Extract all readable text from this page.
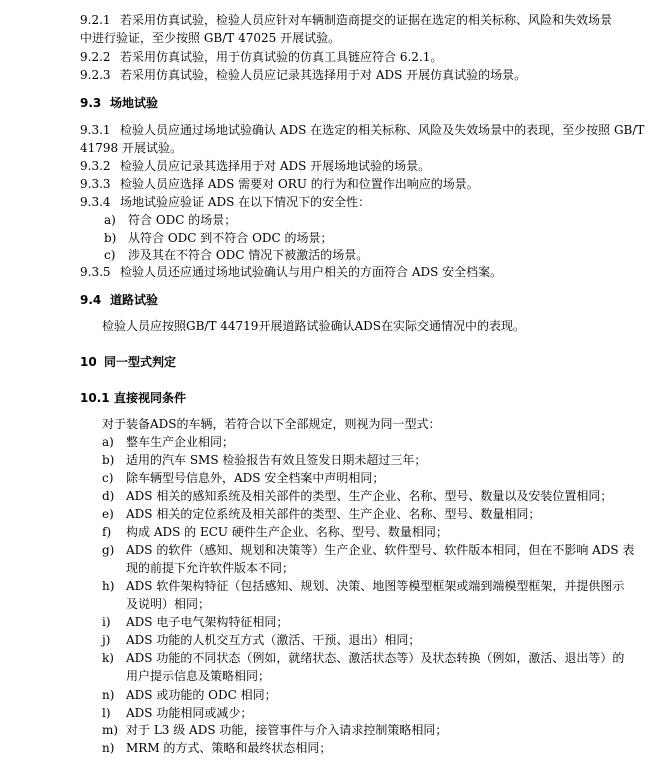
9.2.1 若采用仿真试验，检验人员应针对车辆制造商提交的证据在选定的相关标称、风险和失效场景
中进行验证，至少按照 GB/T 47025 开展试验。
9.2.2 若采用仿真试验，用于仿真试验的仿真工具链应符合 6.2.1。
9.2.3 若采用仿真试验，检验人员应记录其选择用于对 ADS 开展仿真试验的场景。
9.3 场地试验
9.3.1 检验人员应通过场地试验确认 ADS 在选定的相关标称、风险及失效场景中的表现，至少按照 GB/T
41798 开展试验。
9.3.2 检验人员应记录其选择用于对 ADS 开展场地试验的场景。
9.3.3 检验人员应选择 ADS 需要对 ORU 的行为和位置作出响应的场景。
9.3.4 场地试验应验证 ADS 在以下情况下的安全性：
a) 符合 ODC 的场景；
b) 从符合 ODC 到不符合 ODC 的场景；
c) 涉及其在不符合 ODC 情况下被激活的场景。
9.3.5 检验人员还应通过场地试验确认与用户相关的方面符合 ADS 安全档案。
9.4 道路试验
检验人员应按照GB/T 44719开展道路试验确认ADS在实际交通情况中的表现。
10 同一型式判定
10.1 直接视同条件
对于装备ADS的车辆，若符合以下全部规定，则视为同一型式：
a) 整车生产企业相同；
b) 适用的汽车 SMS 检验报告有效且签发日期未超过三年；
c) 除车辆型号信息外，ADS 安全档案中声明相同；
d) ADS 相关的感知系统及相关部件的类型、生产企业、名称、型号、数量以及安装位置相同；
e) ADS 相关的定位系统及相关部件的类型、生产企业、名称、型号、数量相同；
f) 构成 ADS 的 ECU 硬件生产企业、名称、型号、数量相同；
g) ADS 的软件（感知、规划和决策等）生产企业、软件型号、软件版本相同，但在不影响 ADS 表
现的前提下允许软件版本不同；
h) ADS 软件架构特征（包括感知、规划、决策、地图等模型框架或端到端模型框架，并提供图示
及说明）相同；
i) ADS 电子电气架构特征相同；
j) ADS 功能的人机交互方式（激活、干预、退出）相同；
k) ADS 功能的不同状态（例如，就绪状态、激活状态等）及状态转换（例如，激活、退出等）的
用户提示信息及策略相同；
n) ADS 或功能的 ODC 相同；
l) ADS 功能相同或减少；
m) 对于 L3 级 ADS 功能，接管事件与介入请求控制策略相同；
n) MRM 的方式、策略和最终状态相同；
